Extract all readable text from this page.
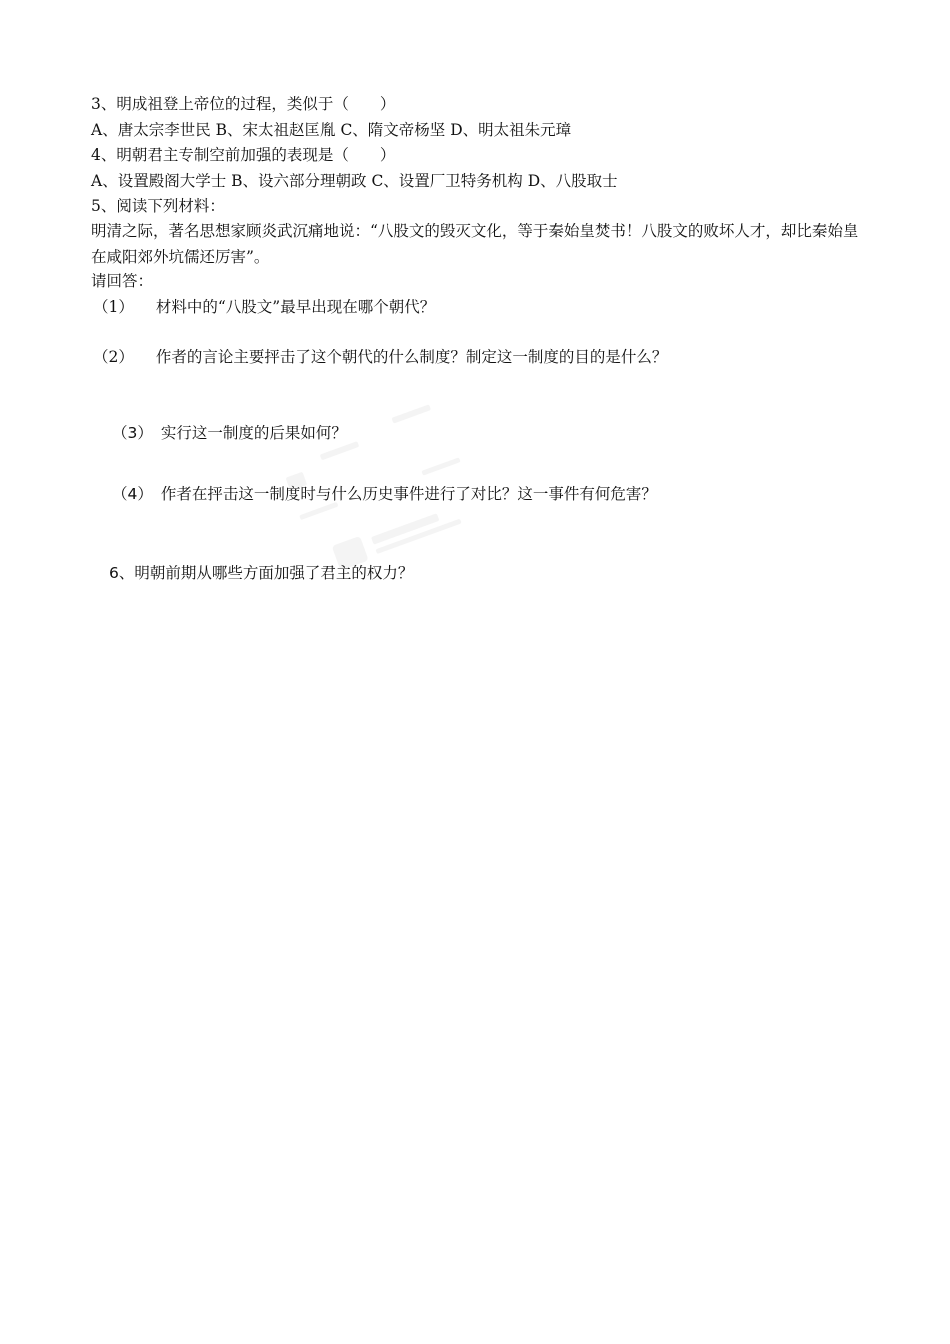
3、明成祖登上帝位的过程，类似于（　　）
A、唐太宗李世民 B、宋太祖赵匡胤 C、隋文帝杨坚 D、明太祖朱元璋
4、明朝君主专制空前加强的表现是（　　）
A、设置殿阁大学士 B、设六部分理朝政 C、设置厂卫特务机构 D、八股取士
5、阅读下列材料：
明清之际，著名思想家顾炎武沉痛地说：“八股文的毁灭文化，等于秦始皇焚书！八股文的败坏人才，却比秦始皇在咸阳郊外坑儒还厉害”。
请回答：
（1） 材料中的“八股文”最早出现在哪个朝代？
（2） 作者的言论主要抨击了这个朝代的什么制度？制定这一制度的目的是什么？
（3） 实行这一制度的后果如何？
（4） 作者在抨击这一制度时与什么历史事件进行了对比？这一事件有何危害？
6、明朝前期从哪些方面加强了君主的权力？
